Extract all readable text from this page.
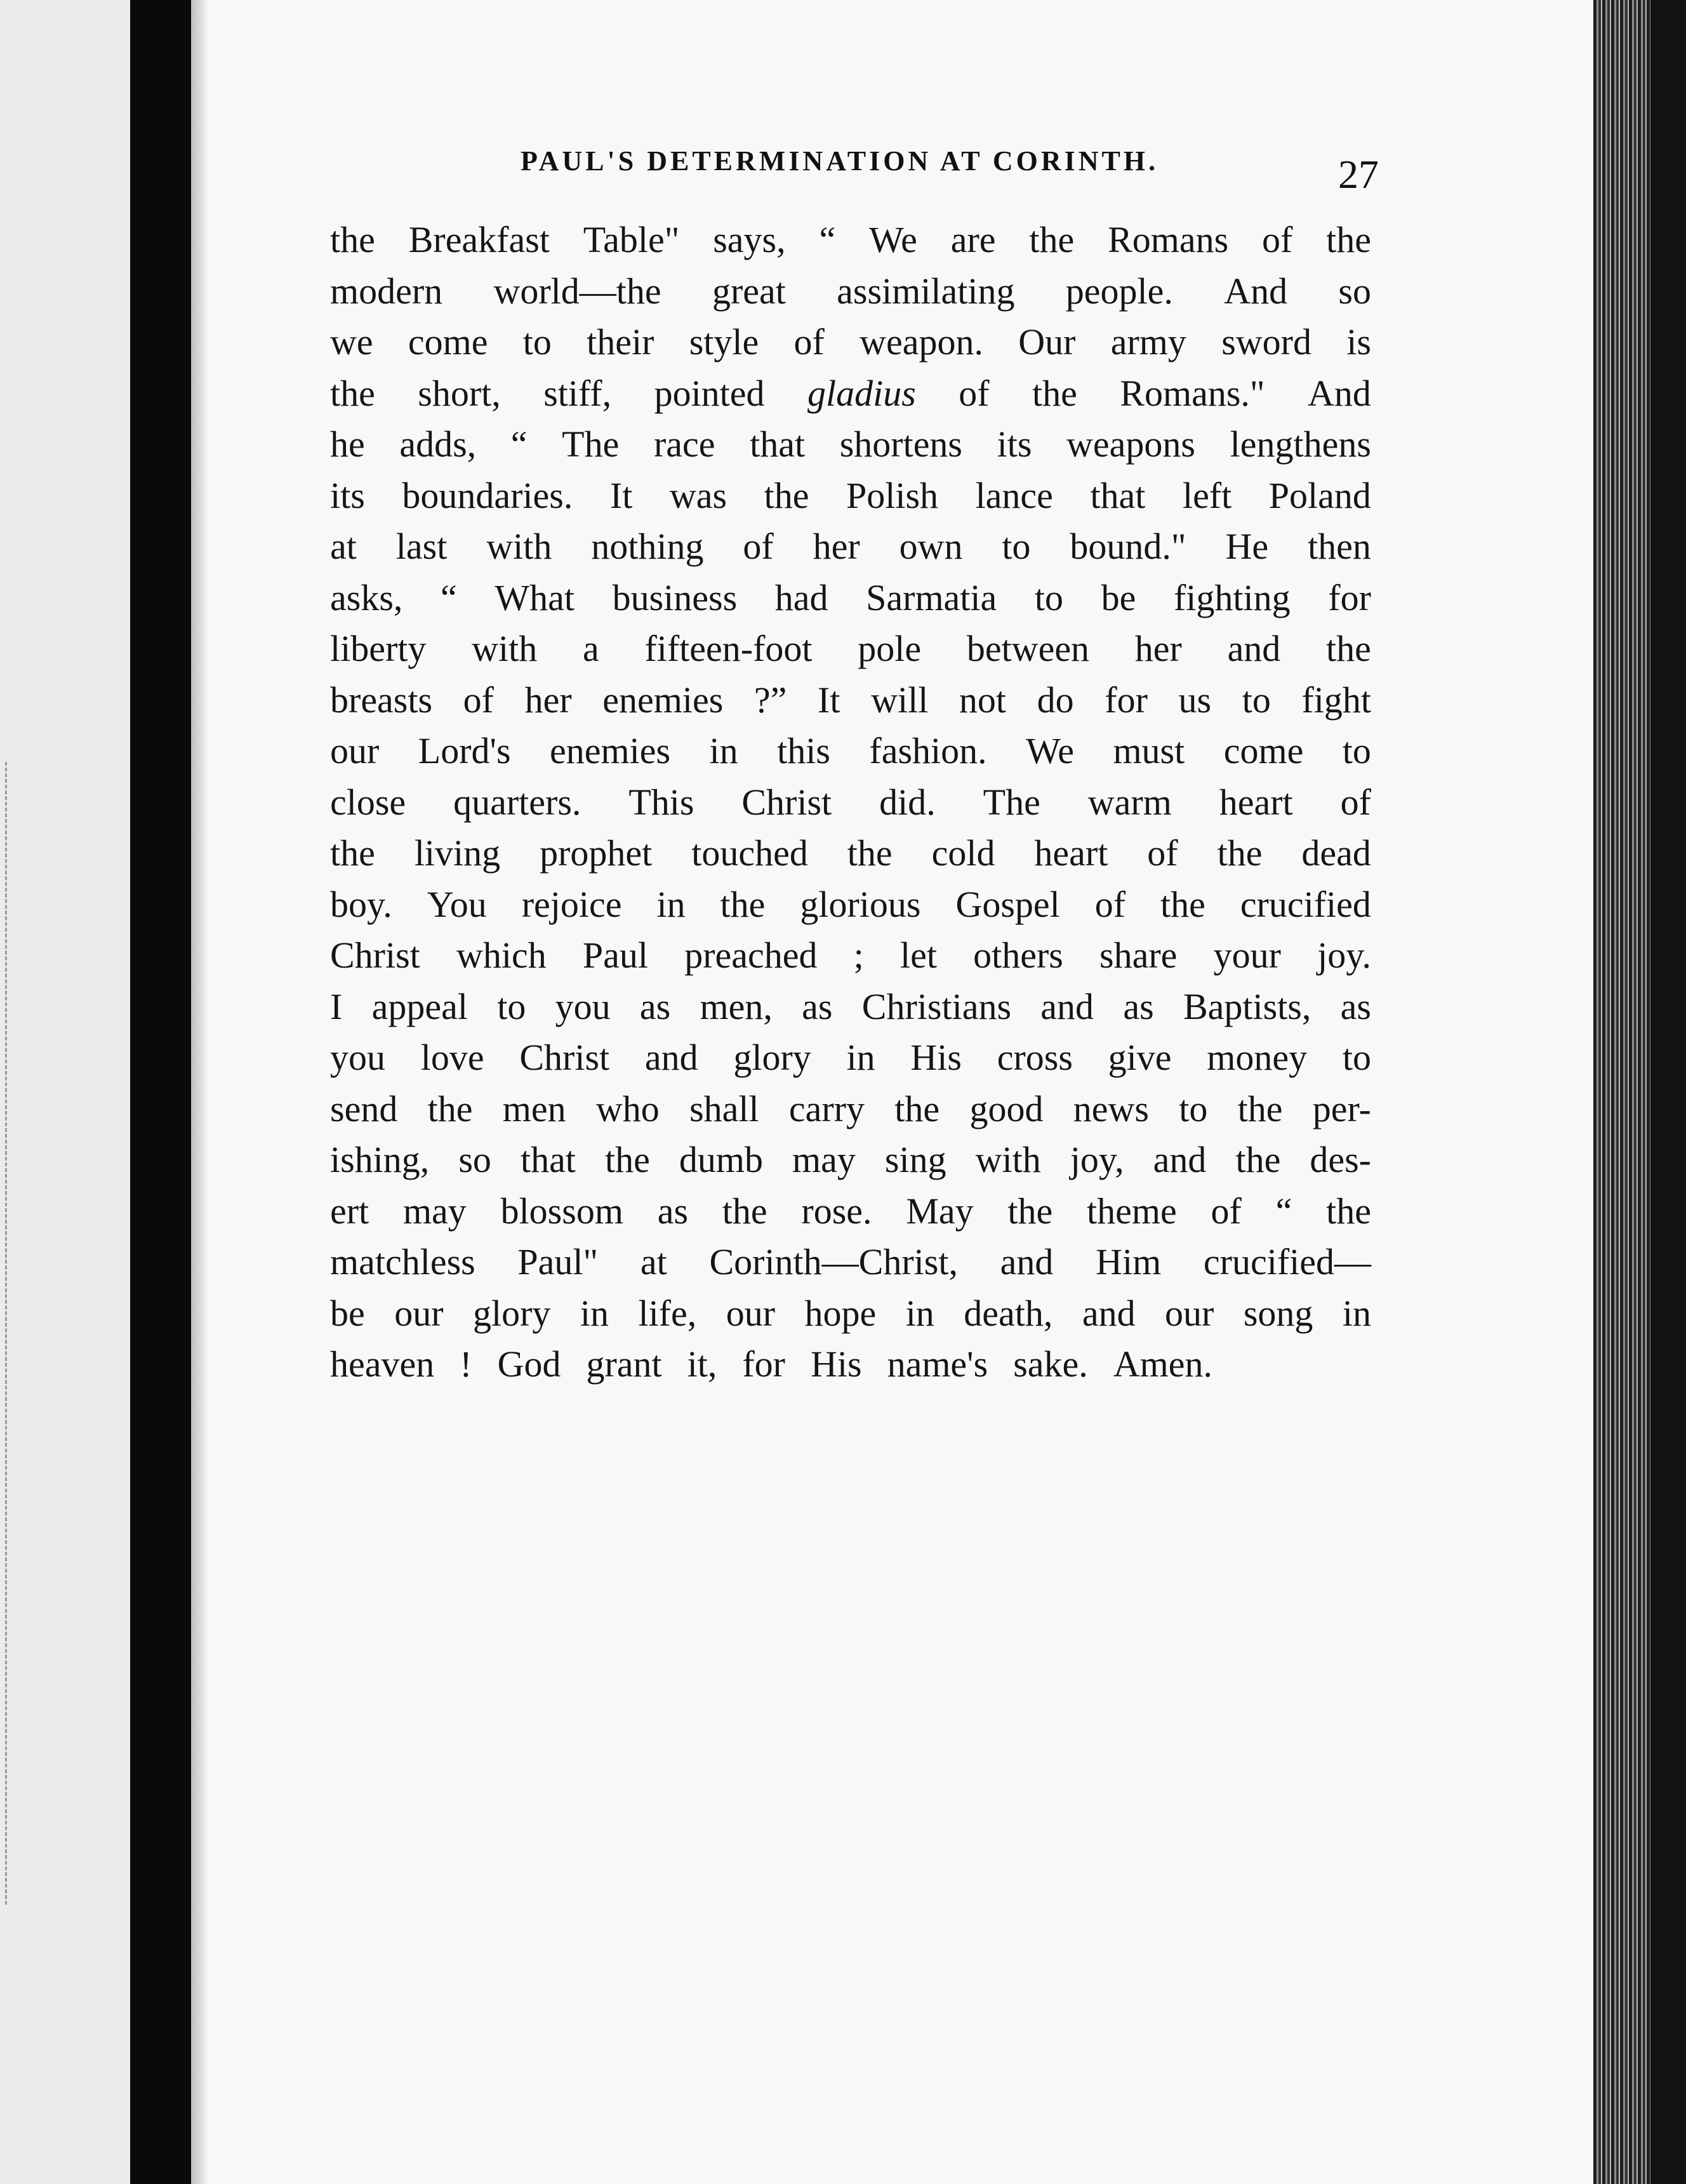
PAUL'S DETERMINATION AT CORINTH.	27
the Breakfast Table" says, “ We are the Romans of the
modern world—the great assimilating people. And so
we come to their style of weapon. Our army sword is
the short, stiff, pointed gladius of the Romans." And
he adds, “ The race that shortens its weapons lengthens
its boundaries. It was the Polish lance that left Poland
at last with nothing of her own to bound." He then
asks, “ What business had Sarmatia to be fighting for
liberty with a fifteen-foot pole between her and the
breasts of her enemies ?” It will not do for us to fight
our Lord's enemies in this fashion. We must come to
close quarters. This Christ did. The warm heart of
the living prophet touched the cold heart of the dead
boy. You rejoice in the glorious Gospel of the crucified
Christ which Paul preached ; let others share your joy.
I appeal to you as men, as Christians and as Baptists, as
you love Christ and glory in His cross give money to
send the men who shall carry the good news to the per-
ishing, so that the dumb may sing with joy, and the des-
ert may blossom as the rose. May the theme of “ the
matchless Paul" at Corinth—Christ, and Him crucified—
be our glory in life, our hope in death, and our song in
heaven ! God grant it, for His name's sake. Amen.
